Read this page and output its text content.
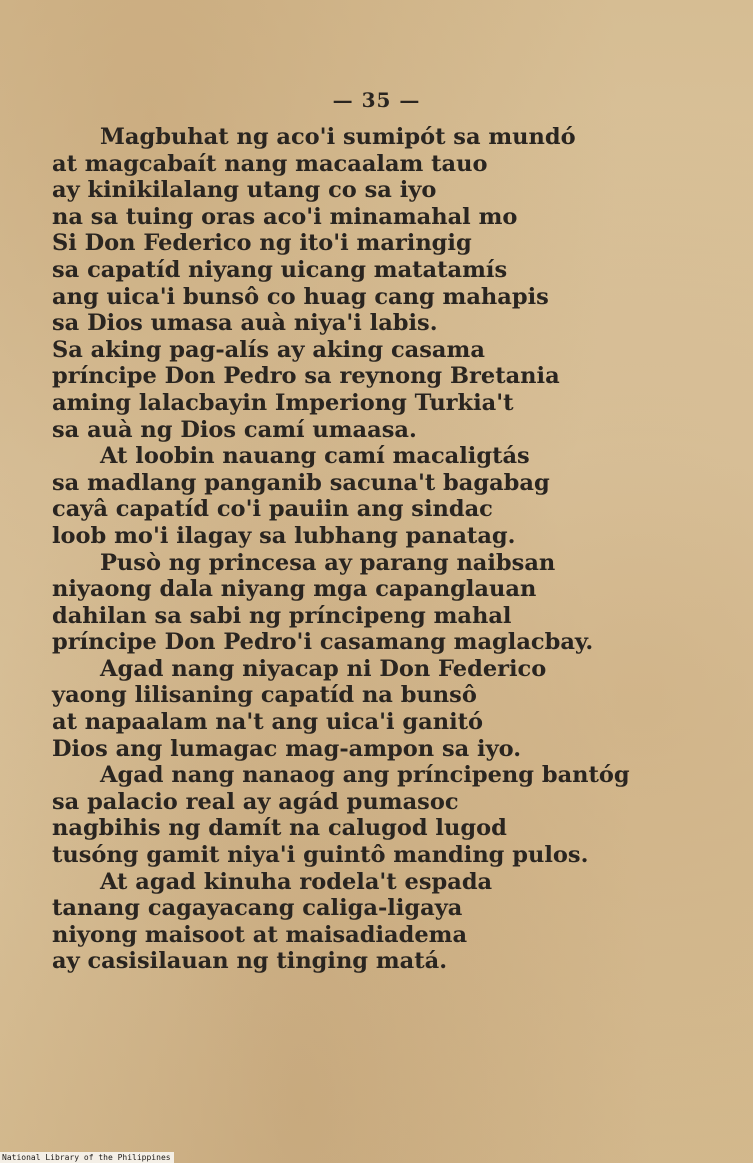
— 35 —
Magbuhat ng aco'i sumipót sa mundó
at magcabaít nang macaalam tauo
ay kinikilalang utang co sa iyo
na sa tuing oras aco'i minamahal mo
Si Don Federico ng ito'i maringig
sa capatíd niyang uicang matatamís
ang uica'i bunsô co huag cang mahapis
sa Dios umasa auà niya'i labis.
Sa aking pag-alís ay aking casama
príncipe Don Pedro sa reynong Bretania
aming lalacbayin Imperiong Turkia't
sa auà ng Dios camí umaasa.
At loobin nauang camí macaligtás
sa madlang panganib sacuna't bagabag
cayâ capatíd co'i pauiin ang sindac
loob mo'i ilagay sa lubhang panatag.
Pusò ng princesa ay parang naibsan
niyaong dala niyang mga capanglauan
dahilan sa sabi ng príncipeng mahal
príncipe Don Pedro'i casamang maglacbay.
Agad nang niyacap ni Don Federico
yaong lilisaning capatíd na bunsô
at napaalam na't ang uica'i ganitó
Dios ang lumagac mag-ampon sa iyo.
Agad nang nanaog ang príncipeng bantóg
sa palacio real ay agád pumasoc
nagbihis ng damít na calugod lugod
tusóng gamit niya'i guintô manding pulos.
At agad kinuha rodela't espada
tanang cagayacang caliga-ligaya
niyong maisoot at maisadiadema
ay casisilauan ng tinging matá.
National Library of the Philippines
